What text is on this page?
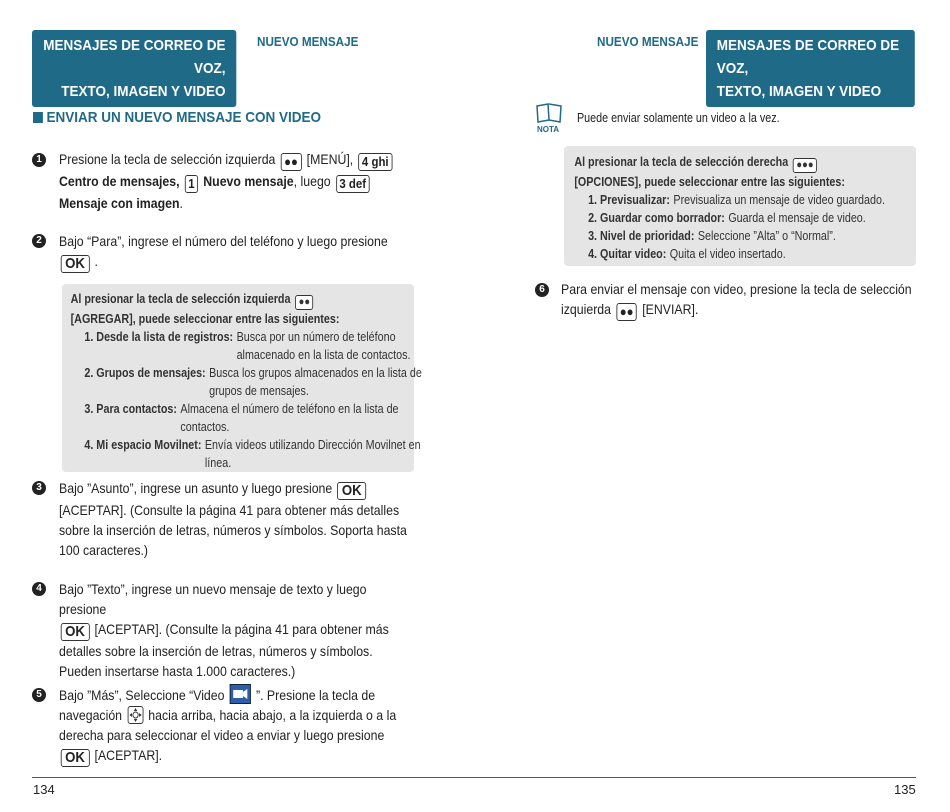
MENSAJES DE CORREO DE VOZ,
TEXTO, IMAGEN Y VIDEO
NUEVO MENSAJE	NUEVO MENSAJE MENSAJES DE CORREO DE VOZ,
TEXTO, IMAGEN Y VIDEO
ENVIAR UN NUEVO MENSAJE CON VIDEO
1	Presione la tecla de selección izquierda ●● [MENÚ], 4 ghi
Centro de mensajes, 1 Nuevo mensaje, luego 3 def Mensaje con imagen.
2	Bajo “Para”, ingrese el número del teléfono y luego presione
OK .
Al presionar la tecla de selección izquierda ●● [AGREGAR], puede seleccionar entre las siguientes:
1. Desde la lista de registros: Busca por un número de teléfono almacenado en la lista de contactos.
2. Grupos de mensajes: Busca los grupos almacenados en la lista de grupos de mensajes.
3. Para contactos: Almacena el número de teléfono en la lista de contactos.
4. Mi espacio Movilnet: Envía videos utilizando Dirección Movilnet en línea.
3	Bajo ”Asunto”, ingrese un asunto y luego presione OK [ACEPTAR]. (Consulte la página 41 para obtener más detalles sobre la inserción de letras, números y símbolos. Soporta hasta 100 caracteres.)
4	Bajo ”Texto”, ingrese un nuevo mensaje de texto y luego presione
OK [ACEPTAR]. (Consulte la página 41 para obtener más detalles sobre la inserción de letras, números y símbolos. Pueden insertarse hasta 1.000 caracteres.)
5	Bajo ”Más”, Seleccione “Video ”. Presione la tecla de navegación hacia arriba, hacia abajo, a la izquierda o a la derecha para seleccionar el video a enviar y luego presione OK [ACEPTAR].
NOTA
Puede enviar solamente un video a la vez.
Al presionar la tecla de selección derecha ●●● [OPCIONES], puede seleccionar entre las siguientes:
1. Previsualizar: Previsualiza un mensaje de video guardado.
2. Guardar como borrador: Guarda el mensaje de video.
3. Nivel de prioridad: Seleccione ”Alta” o “Normal”.
4. Quitar video: Quita el video insertado.
6	Para enviar el mensaje con video, presione la tecla de selección izquierda ●● [ENVIAR].
134	135
